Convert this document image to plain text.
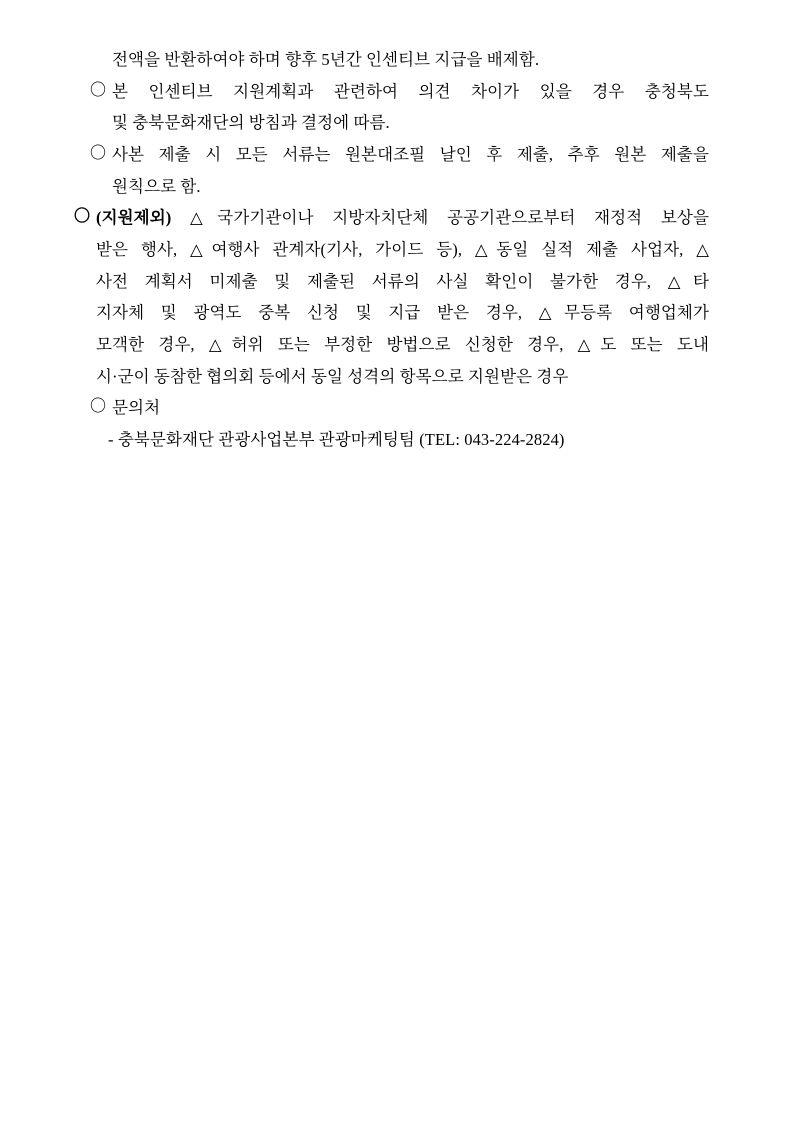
전액을 반환하여야 하며 향후 5년간 인센티브 지급을 배제함.

〇 본 인센티브 지원계획과 관련하여 의견 차이가 있을 경우 충청북도
및 충북문화재단의 방침과 결정에 따름.
〇 사본 제출 시 모든 서류는 원본대조필 날인 후 제출, 추후 원본 제출을
원칙으로 함.
〇 (지원제외) △국가기관이나 지방자치단체 공공기관으로부터 재정적 보상을
받은 행사, △여행사 관계자(기사, 가이드 등), △동일 실적 제출 사업자, △
사전 계획서 미제출 및 제출된 서류의 사실 확인이 불가한 경우, △타
지자체 및 광역도 중복 신청 및 지급 받은 경우, △무등록 여행업체가
모객한 경우, △허위 또는 부정한 방법으로 신청한 경우, △도 또는 도내
시·군이 동참한 협의회 등에서 동일 성격의 항목으로 지원받은 경우
〇 문의처

- 충북문화재단 관광사업본부 관광마케팅팀 (TEL: 043-224-2824)
